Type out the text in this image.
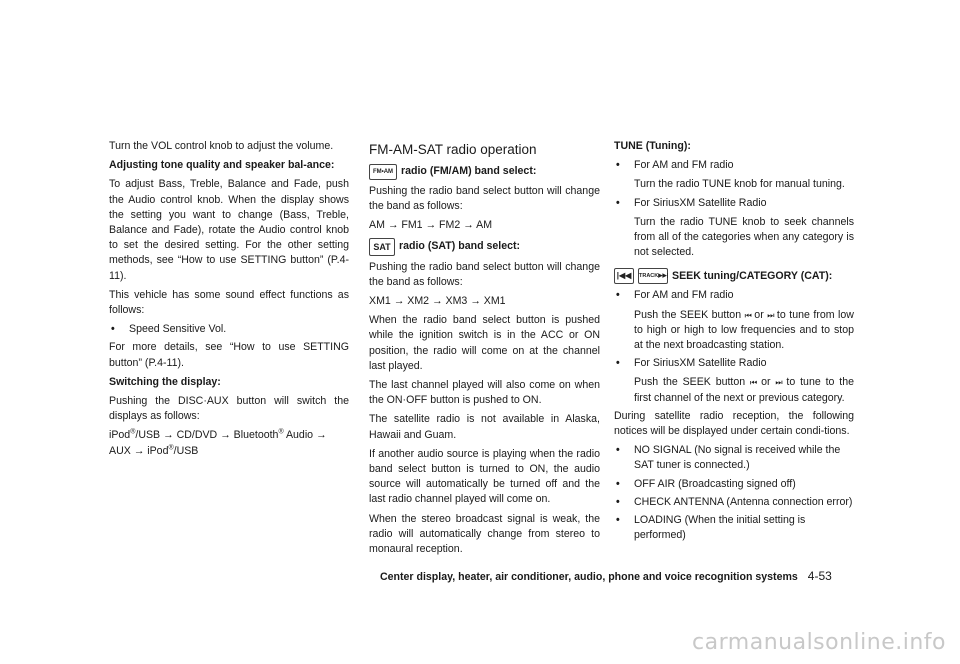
Turn the VOL control knob to adjust the volume.

Adjusting tone quality and speaker bal-ance:

To adjust Bass, Treble, Balance and Fade, push the Audio control knob. When the display shows the setting you want to change (Bass, Treble, Balance and Fade), rotate the Audio control knob to set the desired setting. For the other setting methods, see “How to use SETTING button” (P.4-11).

This vehicle has some sound effect functions as follows:

• Speed Sensitive Vol.

For more details, see “How to use SETTING button” (P.4-11).

Switching the display:

Pushing the DISC·AUX button will switch the displays as follows:

iPod®/USB → CD/DVD → Bluetooth® Audio → AUX → iPod®/USB

FM-AM-SAT radio operation

FM•AM radio (FM/AM) band select:

Pushing the radio band select button will change the band as follows:

AM → FM1 → FM2 → AM

SAT radio (SAT) band select:

Pushing the radio band select button will change the band as follows:

XM1 → XM2 → XM3 → XM1

When the radio band select button is pushed while the ignition switch is in the ACC or ON position, the radio will come on at the channel last played.

The last channel played will also come on when the ON·OFF button is pushed to ON.

The satellite radio is not available in Alaska, Hawaii and Guam.

If another audio source is playing when the radio band select button is turned to ON, the audio source will automatically be turned off and the last radio channel played will come on.

When the stereo broadcast signal is weak, the radio will automatically change from stereo to monaural reception.

TUNE (Tuning):

• For AM and FM radio
Turn the radio TUNE knob for manual tuning.
• For SiriusXM Satellite Radio
Turn the radio TUNE knob to seek channels from all of the categories when any category is not selected.
|◀◀	TRACK▶▶| SEEK tuning/CATEGORY (CAT):
• For AM and FM radio
Push the SEEK button ⏮ or ⏭ to tune from low to high or high to low frequencies and to stop at the next broadcasting station.
• For SiriusXM Satellite Radio
Push the SEEK button ⏮ or ⏭ to tune to the first channel of the next or previous category.

During satellite radio reception, the following notices will be displayed under certain condi-tions.

• NO SIGNAL (No signal is received while the SAT tuner is connected.)
• OFF AIR (Broadcasting signed off)
• CHECK ANTENNA (Antenna connection error)
• LOADING (When the initial setting is performed)
Center display, heater, air conditioner, audio, phone and voice recognition systems 4-53
carmanualsonline.info
